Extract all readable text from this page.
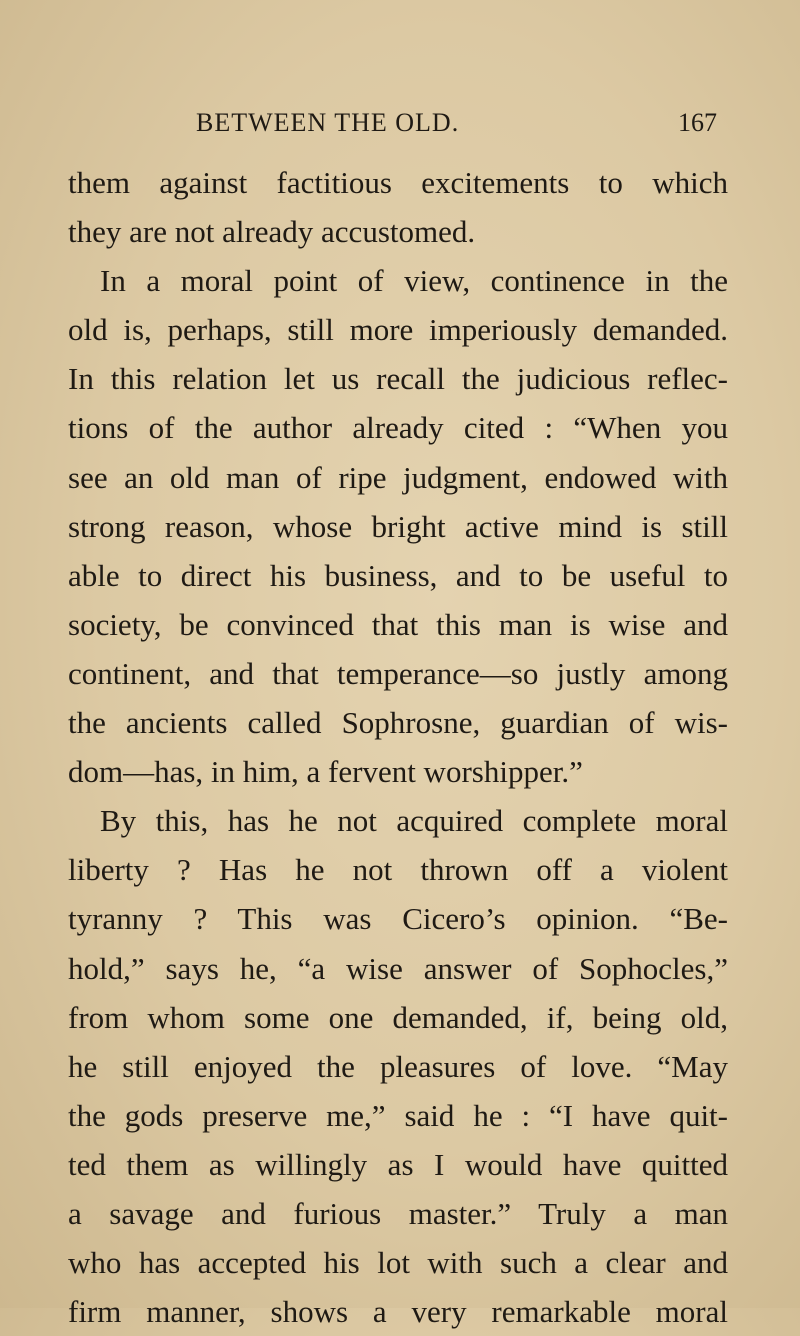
BETWEEN THE OLD.	167
them against factitious excitements to which
they are not already accustomed.
In a moral point of view, continence in the
old is, perhaps, still more imperiously demanded.
In this relation let us recall the judicious reflec-
tions of the author already cited : “When you
see an old man of ripe judgment, endowed with
strong reason, whose bright active mind is still
able to direct his business, and to be useful to
society, be convinced that this man is wise and
continent, and that temperance—so justly among
the ancients called Sophrosne, guardian of wis-
dom—has, in him, a fervent worshipper.”
By this, has he not acquired complete moral
liberty ? Has he not thrown off a violent
tyranny ? This was Cicero’s opinion. “Be-
hold,” says he, “a wise answer of Sophocles,”
from whom some one demanded, if, being old,
he still enjoyed the pleasures of love. “May
the gods preserve me,” said he : “I have quit-
ted them as willingly as I would have quitted
a savage and furious master.” Truly a man
who has accepted his lot with such a clear and
firm manner, shows a very remarkable moral
